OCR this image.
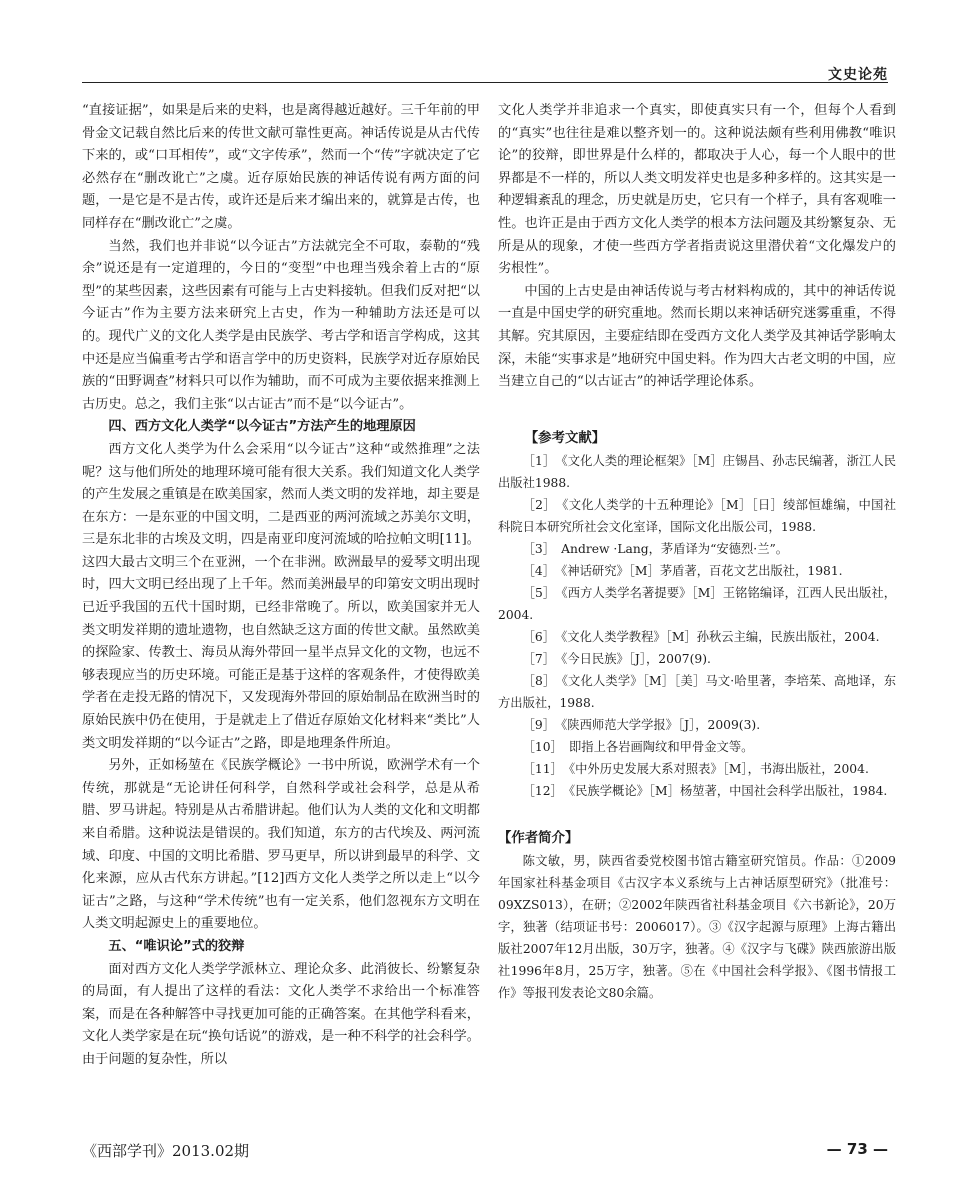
文史论苑

“直接证据”，如果是后来的史料，也是离得越近越好。三千年前的甲骨金文记载自然比后来的传世文献可靠性更高。神话传说是从古代传下来的，或“口耳相传”，或“文字传承”，然而一个“传”字就决定了它必然存在“删改讹亡”之虞。近存原始民族的神话传说有两方面的问题，一是它是不是古传，或许还是后来才编出来的，就算是古传，也同样存在“删改讹亡”之虞。

当然，我们也并非说“以今证古”方法就完全不可取，泰勒的“残余”说还是有一定道理的，今日的“变型”中也理当残余着上古的“原型”的某些因素，这些因素有可能与上古史料接轨。但我们反对把“以今证古”作为主要方法来研究上古史，作为一种辅助方法还是可以的。现代广义的文化人类学是由民族学、考古学和语言学构成，这其中还是应当偏重考古学和语言学中的历史资料，民族学对近存原始民族的“田野调查”材料只可以作为辅助，而不可成为主要依据来推测上古历史。总之，我们主张“以古证古”而不是“以今证古”。

四、西方文化人类学“以今证古”方法产生的地理原因

西方文化人类学为什么会采用“以今证古”这种“或然推理”之法呢？这与他们所处的地理环境可能有很大关系。我们知道文化人类学的产生发展之重镇是在欧美国家，然而人类文明的发祥地，却主要是在东方：一是东亚的中国文明，二是西亚的两河流域之苏美尔文明，三是东北非的古埃及文明，四是南亚印度河流域的哈拉帕文明[11]。这四大最古文明三个在亚洲，一个在非洲。欧洲最早的爱琴文明出现时，四大文明已经出现了上千年。然而美洲最早的印第安文明出现时已近乎我国的五代十国时期，已经非常晚了。所以，欧美国家并无人类文明发祥期的遗址遗物，也自然缺乏这方面的传世文献。虽然欧美的探险家、传教士、海员从海外带回一星半点异文化的文物，也远不够表现应当的历史环境。可能正是基于这样的客观条件，才使得欧美学者在走投无路的情况下，又发现海外带回的原始制品在欧洲当时的原始民族中仍在使用，于是就走上了借近存原始文化材料来“类比”人类文明发祥期的“以今证古”之路，即是地理条件所迫。

另外，正如杨堃在《民族学概论》一书中所说，欧洲学术有一个传统，那就是“无论讲任何科学，自然科学或社会科学，总是从希腊、罗马讲起。特别是从古希腊讲起。他们认为人类的文化和文明都来自希腊。这种说法是错误的。我们知道，东方的古代埃及、两河流域、印度、中国的文明比希腊、罗马更早，所以讲到最早的科学、文化来源，应从古代东方讲起。”[12]西方文化人类学之所以走上“以今证古”之路，与这种“学术传统”也有一定关系，他们忽视东方文明在人类文明起源史上的重要地位。

五、“唯识论”式的狡辩

面对西方文化人类学学派林立、理论众多、此消彼长、纷繁复杂的局面，有人提出了这样的看法：文化人类学不求给出一个标准答案，而是在各种解答中寻找更加可能的正确答案。在其他学科看来，文化人类学家是在玩“换句话说”的游戏，是一种不科学的社会科学。由于问题的复杂性，所以

文化人类学并非追求一个真实，即使真实只有一个，但每个人看到的“真实”也往往是难以整齐划一的。这种说法颇有些利用佛教“唯识论”的狡辩，即世界是什么样的，都取决于人心，每一个人眼中的世界都是不一样的，所以人类文明发祥史也是多种多样的。这其实是一种逻辑紊乱的理念，历史就是历史，它只有一个样子，具有客观唯一性。也许正是由于西方文化人类学的根本方法问题及其纷繁复杂、无所是从的现象，才使一些西方学者指责说这里潜伏着“文化爆发户的劣根性”。

中国的上古史是由神话传说与考古材料构成的，其中的神话传说一直是中国史学的研究重地。然而长期以来神话研究迷雾重重，不得其解。究其原因，主要症结即在受西方文化人类学及其神话学影响太深，未能“实事求是”地研究中国史料。作为四大古老文明的中国，应当建立自己的“以古证古”的神话学理论体系。

【参考文献】

［1］　《文化人类的理论框架》［M］庄锡昌、孙志民编著，浙江人民出版社1988.
［2］　《文化人类学的十五种理论》［M］［日］绫部恒雄编，中国社科院日本研究所社会文化室译，国际文化出版公司，1988.
［3］　Andrew ·Lang，茅盾译为“安德烈·兰”。
［4］　《神话研究》［M］茅盾著，百花文艺出版社，1981.
［5］　《西方人类学名著提要》［M］王铭铭编译，江西人民出版社，2004.
［6］　《文化人类学教程》［M］孙秋云主编，民族出版社，2004.
［7］　《今日民族》［J］，2007(9).
［8］　《文化人类学》［M］［美］马文·哈里著，李培茱、高地译，东方出版社，1988.
［9］　《陕西师范大学学报》［J］，2009(3).
［10］　即指上各岩画陶纹和甲骨金文等。
［11］　《中外历史发展大系对照表》［M］，书海出版社，2004.
［12］　《民族学概论》［M］杨堃著，中国社会科学出版社，1984.

【作者简介】

陈文敏，男，陕西省委党校图书馆古籍室研究馆员。作品：①2009年国家社科基金项目《古汉字本义系统与上古神话原型研究》（批准号：09XZS013），在研；②2002年陕西省社科基金项目《六书新论》，20万字，独著（结项证书号：2006017）。③《汉字起源与原理》上海古籍出版社2007年12月出版，30万字，独著。④《汉字与飞碟》陕西旅游出版社1996年8月，25万字，独著。⑤在《中国社会科学报》、《图书情报工作》等报刊发表论文80余篇。

《西部学刊》2013.02期	— 73 —
